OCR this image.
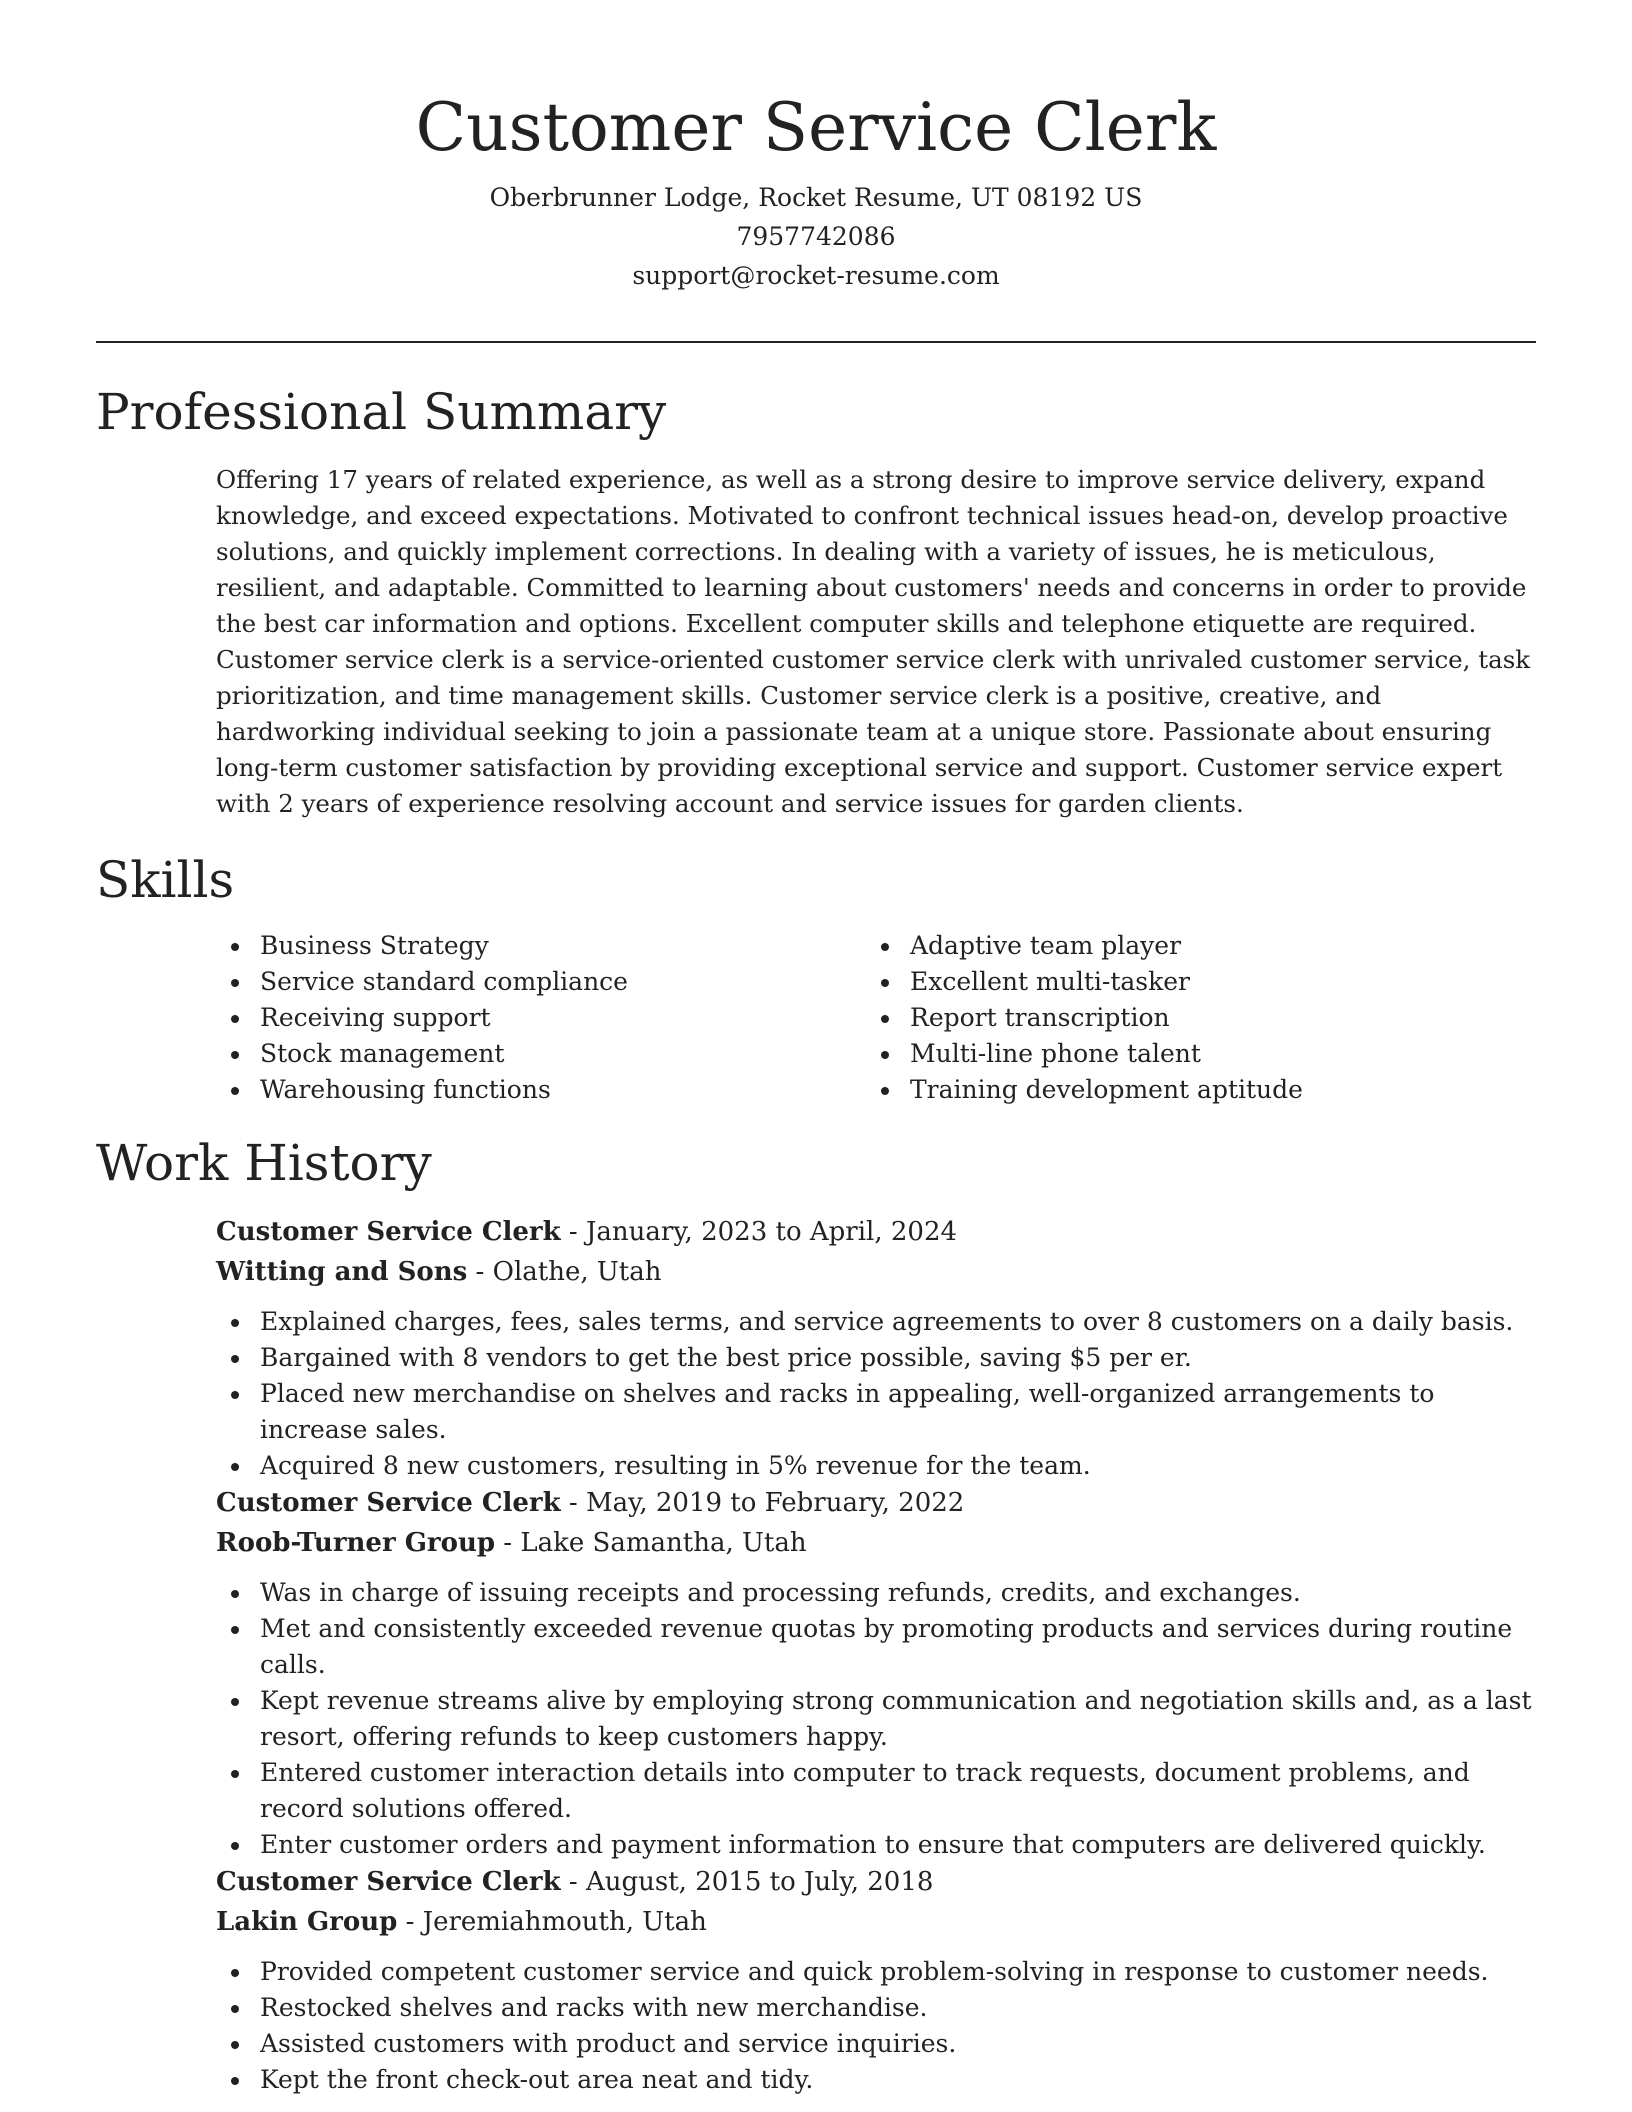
Customer Service Clerk
Oberbrunner Lodge, Rocket Resume, UT 08192 US
7957742086
support@rocket-resume.com
Professional Summary

Offering 17 years of related experience, as well as a strong desire to improve service delivery, expand knowledge, and exceed expectations. Motivated to confront technical issues head-on, develop proactive solutions, and quickly implement corrections. In dealing with a variety of issues, he is meticulous, resilient, and adaptable. Committed to learning about customers' needs and concerns in order to provide the best car information and options. Excellent computer skills and telephone etiquette are required. Customer service clerk is a service-oriented customer service clerk with unrivaled customer service, task prioritization, and time management skills. Customer service clerk is a positive, creative, and hardworking individual seeking to join a passionate team at a unique store. Passionate about ensuring long-term customer satisfaction by providing exceptional service and support. Customer service expert with 2 years of experience resolving account and service issues for garden clients.

Skills
Business Strategy
Service standard compliance
Receiving support
Stock management
Warehousing functions
Adaptive team player
Excellent multi-tasker
Report transcription
Multi-line phone talent
Training development aptitude
Work History
Customer Service Clerk - January, 2023 to April, 2024
Witting and Sons - Olathe, Utah
Explained charges, fees, sales terms, and service agreements to over 8 customers on a daily basis.
Bargained with 8 vendors to get the best price possible, saving $5 per er.
Placed new merchandise on shelves and racks in appealing, well-organized arrangements to increase sales.
Acquired 8 new customers, resulting in 5% revenue for the team.
Customer Service Clerk - May, 2019 to February, 2022
Roob-Turner Group - Lake Samantha, Utah
Was in charge of issuing receipts and processing refunds, credits, and exchanges.
Met and consistently exceeded revenue quotas by promoting products and services during routine calls.
Kept revenue streams alive by employing strong communication and negotiation skills and, as a last resort, offering refunds to keep customers happy.
Entered customer interaction details into computer to track requests, document problems, and record solutions offered.
Enter customer orders and payment information to ensure that computers are delivered quickly.
Customer Service Clerk - August, 2015 to July, 2018
Lakin Group - Jeremiahmouth, Utah
Provided competent customer service and quick problem-solving in response to customer needs.
Restocked shelves and racks with new merchandise.
Assisted customers with product and service inquiries.
Kept the front check-out area neat and tidy.
